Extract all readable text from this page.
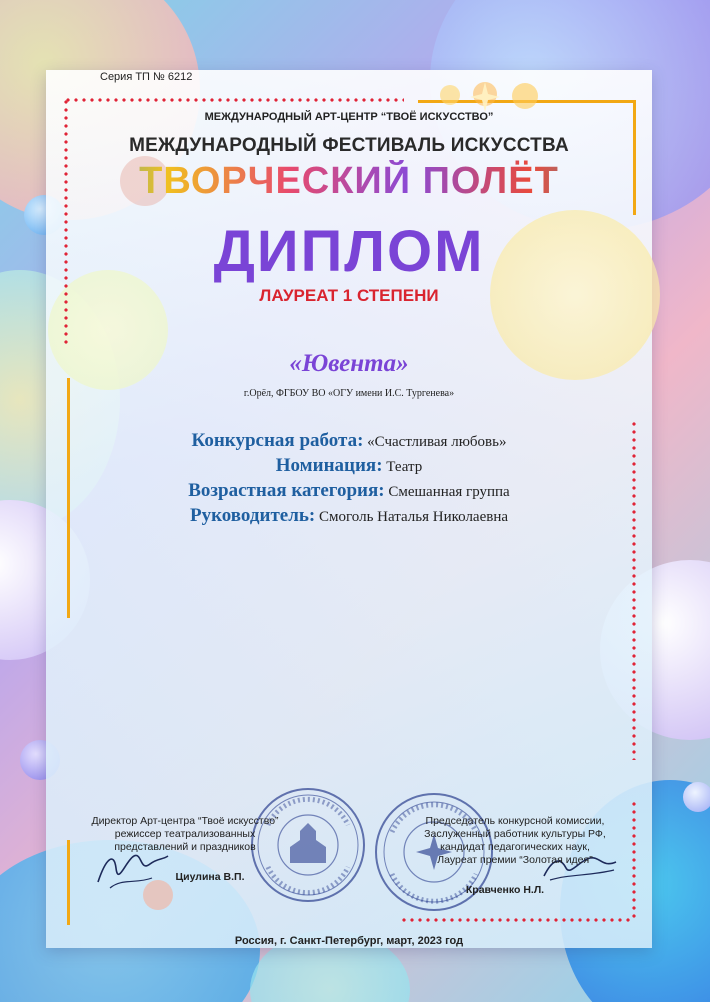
Серия ТП № 6212
МЕЖДУНАРОДНЫЙ АРТ-ЦЕНТР “ТВОЁ ИСКУССТВО”
МЕЖДУНАРОДНЫЙ ФЕСТИВАЛЬ ИСКУССТВА
ТВОРЧЕСКИЙ ПОЛЁТ
ДИПЛОМ
ЛАУРЕАТ 1 СТЕПЕНИ
«Ювента»
г.Орёл, ФГБОУ ВО «ОГУ имени И.С. Тургенева»
Конкурсная работа: «Счастливая любовь»
Номинация: Театр
Возрастная категория: Смешанная группа
Руководитель: Смоголь Наталья Николаевна
Директор Арт-центра “Твоё искусство”
режиссер театрализованных
представлений и праздников
Циулина В.П.
Председатель конкурсной комиссии,
Заслуженный работник культуры РФ,
кандидат педагогических наук,
Лауреат премии “Золотая идея”
Кравченко Н.Л.
Россия, г. Санкт-Петербург, март, 2023 год
